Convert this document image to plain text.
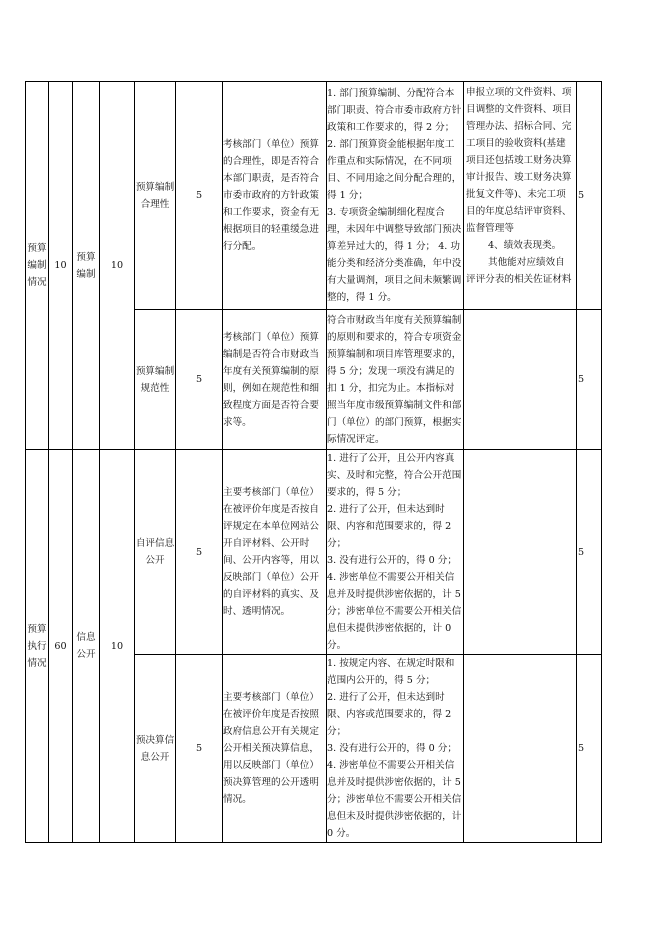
预算编制情况	10	预算编制	10	预算编制合理性	5	考核部门（单位）预算的合理性，即是否符合本部门职责，是否符合市委市政府的方针政策和工作要求，资金有无根据项目的轻重缓急进行分配。	1. 部门预算编制、分配符合本部门职责、符合市委市政府方针政策和工作要求的，得 2 分；
2. 部门预算资金能根据年度工作重点和实际情况，在不同项目、不同用途之间分配合理的，得 1 分；
3. 专项资金编制细化程度合理，未因年中调整导致部门预决算差异过大的，得 1 分； 4. 功能分类和经济分类准确，年中没有大量调剂，项目之间未频繁调整的，得 1 分。	申报立项的文件资料、项目调整的文件资料、项目管理办法、招标合同、完工项目的验收资料(基建项目还包括竣工财务决算审计报告、竣工财务决算批复文件等)、未完工项目的年度总结评审资料、监督管理等
4、绩效表现类。
其他能对应绩效自评评分表的相关佐证材料	5
				预算编制规范性	5	考核部门（单位）预算编制是否符合市财政当年度有关预算编制的原则，例如在规范性和细致程度方面是否符合要求等。	符合市财政当年度有关预算编制的原则和要求的，符合专项资金预算编制和项目库管理要求的，得 5 分；发现一项没有满足的扣 1 分，扣完为止。本指标对照当年度市级预算编制文件和部门（单位）的部门预算，根据实际情况评定。		5
预算执行情况	60	信息公开	10	自评信息公开	5	主要考核部门（单位）在被评价年度是否按自评规定在本单位网站公开自评材料、公开时间、公开内容等，用以反映部门（单位）公开的自评材料的真实、及时、透明情况。	1. 进行了公开，且公开内容真实、及时和完整，符合公开范围要求的，得 5 分；
2. 进行了公开，但未达到时限、内容和范围要求的，得 2 分；
3. 没有进行公开的，得 0 分；
4. 涉密单位不需要公开相关信息并及时提供涉密依据的，计 5 分；涉密单位不需要公开相关信息但未提供涉密依据的，计 0 分。		5
				预决算信息公开	5	主要考核部门（单位）在被评价年度是否按照政府信息公开有关规定公开相关预决算信息，用以反映部门（单位）预决算管理的公开透明情况。	1. 按规定内容、在规定时限和范围内公开的，得 5 分；
2. 进行了公开，但未达到时限、内容或范围要求的，得 2 分；
3. 没有进行公开的，得 0 分；
4. 涉密单位不需要公开相关信息并及时提供涉密依据的，计 5 分；涉密单位不需要公开相关信息但未及时提供涉密依据的，计 0 分。		5
